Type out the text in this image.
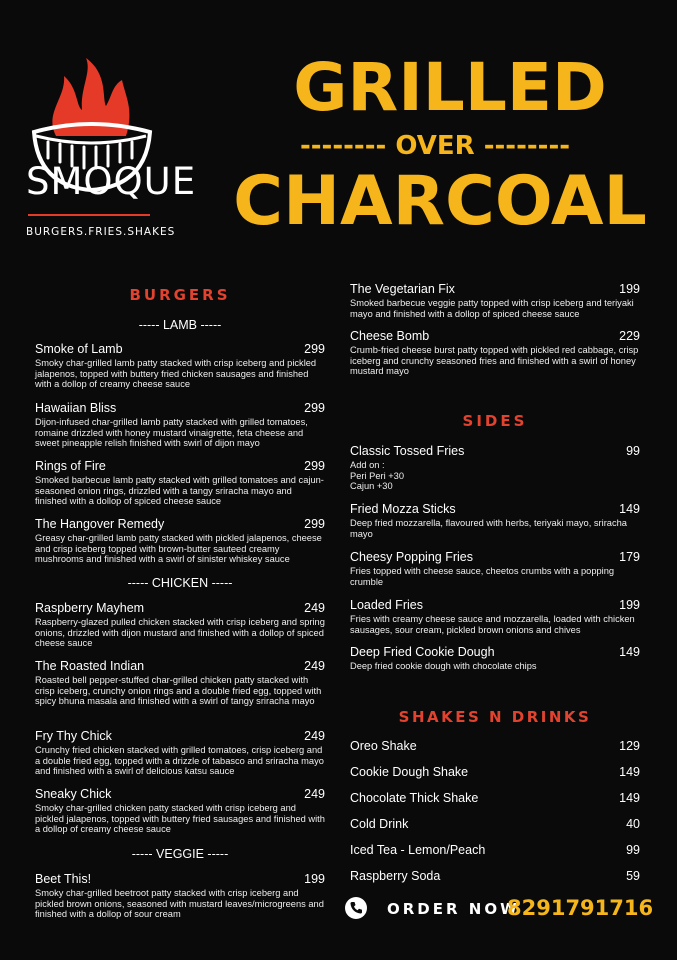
SMOQUE
BURGERS.FRIES.SHAKES
GRILLED
-------- OVER --------
CHARCOAL
BURGERS
----- LAMB -----
Smoke of Lamb	299
Smoky char-grilled lamb patty stacked with crisp iceberg and pickled jalapenos, topped with buttery fried chicken sausages and finished with a dollop of creamy cheese sauce
Hawaiian Bliss	299
Dijon-infused char-grilled lamb patty stacked with grilled tomatoes, romaine drizzled with honey mustard vinaigrette, feta cheese and sweet pineapple relish finished with swirl of dijon mayo
Rings of Fire	299
Smoked barbecue lamb patty stacked with grilled tomatoes and cajun-seasoned onion rings, drizzled with a tangy sriracha mayo and finished with a dollop of spiced cheese sauce
The Hangover Remedy	299
Greasy char-grilled lamb patty stacked with pickled jalapenos, cheese and crisp iceberg topped with brown-butter sauteed creamy mushrooms and finished with a swirl of sinister whiskey sauce
----- CHICKEN -----
Raspberry Mayhem	249
Raspberry-glazed pulled chicken stacked with crisp iceberg and spring onions, drizzled with dijon mustard and finished with a dollop of spiced cheese sauce
The Roasted Indian	249
Roasted bell pepper-stuffed char-grilled chicken patty stacked with crisp iceberg, crunchy onion rings and a double fried egg, topped with spicy bhuna masala and finished with a swirl of tangy sriracha mayo
Fry Thy Chick	249
Crunchy fried chicken stacked with grilled tomatoes, crisp iceberg and a double fried egg, topped with a drizzle of tabasco and sriracha mayo and finished with a swirl of delicious katsu sauce
Sneaky Chick	249
Smoky char-grilled chicken patty stacked with crisp iceberg and pickled jalapenos, topped with buttery fried sausages and finished with a dollop of creamy cheese sauce
----- VEGGIE -----
Beet This!	199
Smoky char-grilled beetroot patty stacked with crisp iceberg and pickled brown onions, seasoned with mustard leaves/microgreens and finished with a dollop of sour cream
The Vegetarian Fix	199
Smoked barbecue veggie patty topped with crisp iceberg and teriyaki mayo and finished with a dollop of spiced cheese sauce
Cheese Bomb	229
Crumb-fried cheese burst patty topped with pickled red cabbage, crisp iceberg and crunchy seasoned fries and finished with a swirl of honey mustard mayo
SIDES
Classic Tossed Fries	99
Add on :
Peri Peri +30
Cajun +30
Fried Mozza Sticks	149
Deep fried mozzarella, flavoured with herbs, teriyaki mayo, sriracha mayo
Cheesy Popping Fries	179
Fries topped with cheese sauce, cheetos crumbs with a popping crumble
Loaded Fries	199
Fries with creamy cheese sauce and mozzarella, loaded with chicken sausages, sour cream, pickled brown onions and chives
Deep Fried Cookie Dough	149
Deep fried cookie dough with chocolate chips
SHAKES N DRINKS
Oreo Shake	129
Cookie Dough Shake	149
Chocolate Thick Shake	149
Cold Drink	40
Iced Tea - Lemon/Peach	99
Raspberry Soda	59
ORDER NOW
8291791716
